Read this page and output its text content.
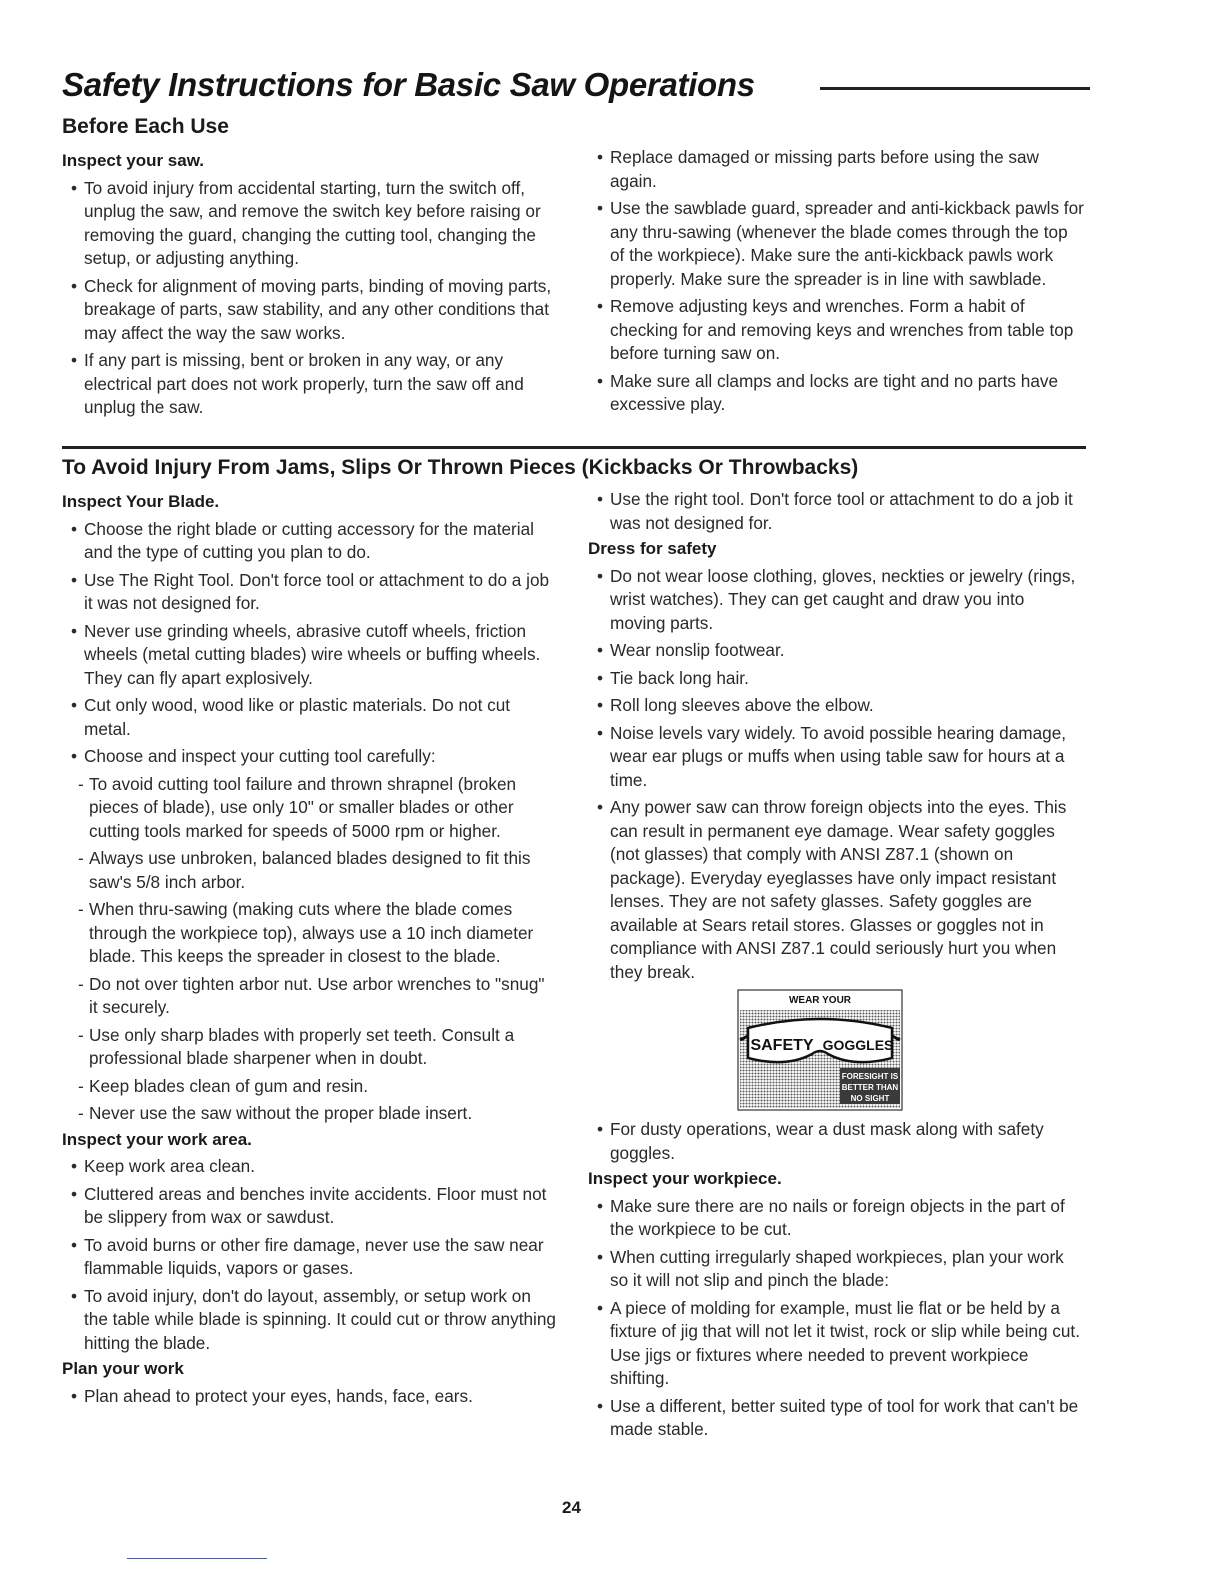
Safety Instructions for Basic Saw Operations
Before Each Use
Inspect your saw.
• To avoid injury from accidental starting, turn the switch off, unplug the saw, and remove the switch key before raising or removing the guard, changing the cutting tool, changing the setup, or adjusting anything.
• Check for alignment of moving parts, binding of moving parts, breakage of parts, saw stability, and any other conditions that may affect the way the saw works.
• If any part is missing, bent or broken in any way, or any electrical part does not work properly, turn the saw off and unplug the saw.
• Replace damaged or missing parts before using the saw again.
• Use the sawblade guard, spreader and anti-kickback pawls for any thru-sawing (whenever the blade comes through the top of the workpiece). Make sure the anti-kickback pawls work properly. Make sure the spreader is in line with sawblade.
• Remove adjusting keys and wrenches. Form a habit of checking for and removing keys and wrenches from table top before turning saw on.
• Make sure all clamps and locks are tight and no parts have excessive play.
To Avoid Injury From Jams, Slips Or Thrown Pieces (Kickbacks Or Throwbacks)
Inspect Your Blade.
• Choose the right blade or cutting accessory for the material and the type of cutting you plan to do.
• Use The Right Tool. Don't force tool or attachment to do a job it was not designed for.
• Never use grinding wheels, abrasive cutoff wheels, friction wheels (metal cutting blades) wire wheels or buffing wheels. They can fly apart explosively.
• Cut only wood, wood like or plastic materials. Do not cut metal.
• Choose and inspect your cutting tool carefully:
- To avoid cutting tool failure and thrown shrapnel (broken pieces of blade), use only 10" or smaller blades or other cutting tools marked for speeds of 5000 rpm or higher.
- Always use unbroken, balanced blades designed to fit this saw's 5/8 inch arbor.
- When thru-sawing (making cuts where the blade comes through the workpiece top), always use a 10 inch diameter blade. This keeps the spreader in closest to the blade.
- Do not over tighten arbor nut. Use arbor wrenches to "snug" it securely.
- Use only sharp blades with properly set teeth. Consult a professional blade sharpener when in doubt.
- Keep blades clean of gum and resin.
- Never use the saw without the proper blade insert.
Inspect your work area.
• Keep work area clean.
• Cluttered areas and benches invite accidents. Floor must not be slippery from wax or sawdust.
• To avoid burns or other fire damage, never use the saw near flammable liquids, vapors or gases.
• To avoid injury, don't do layout, assembly, or setup work on the table while blade is spinning. It could cut or throw anything hitting the blade.
Plan your work
• Plan ahead to protect your eyes, hands, face, ears.
• Use the right tool. Don't force tool or attachment to do a job it was not designed for.
Dress for safety
• Do not wear loose clothing, gloves, neckties or jewelry (rings, wrist watches). They can get caught and draw you into moving parts.
• Wear nonslip footwear.
• Tie back long hair.
• Roll long sleeves above the elbow.
• Noise levels vary widely. To avoid possible hearing damage, wear ear plugs or muffs when using table saw for hours at a time.
• Any power saw can throw foreign objects into the eyes. This can result in permanent eye damage. Wear safety goggles (not glasses) that comply with ANSI Z87.1 (shown on package). Everyday eyeglasses have only impact resistant lenses. They are not safety glasses. Safety goggles are available at Sears retail stores. Glasses or goggles not in compliance with ANSI Z87.1 could seriously hurt you when they break.
WEAR YOUR
SAFETY GOGGLES
FORESIGHT IS
BETTER THAN
NO SIGHT
• For dusty operations, wear a dust mask along with safety goggles.
Inspect your workpiece.
• Make sure there are no nails or foreign objects in the part of the workpiece to be cut.
• When cutting irregularly shaped workpieces, plan your work so it will not slip and pinch the blade:
• A piece of molding for example, must lie flat or be held by a fixture of jig that will not let it twist, rock or slip while being cut. Use jigs or fixtures where needed to prevent workpiece shifting.
• Use a different, better suited type of tool for work that can't be made stable.
24
